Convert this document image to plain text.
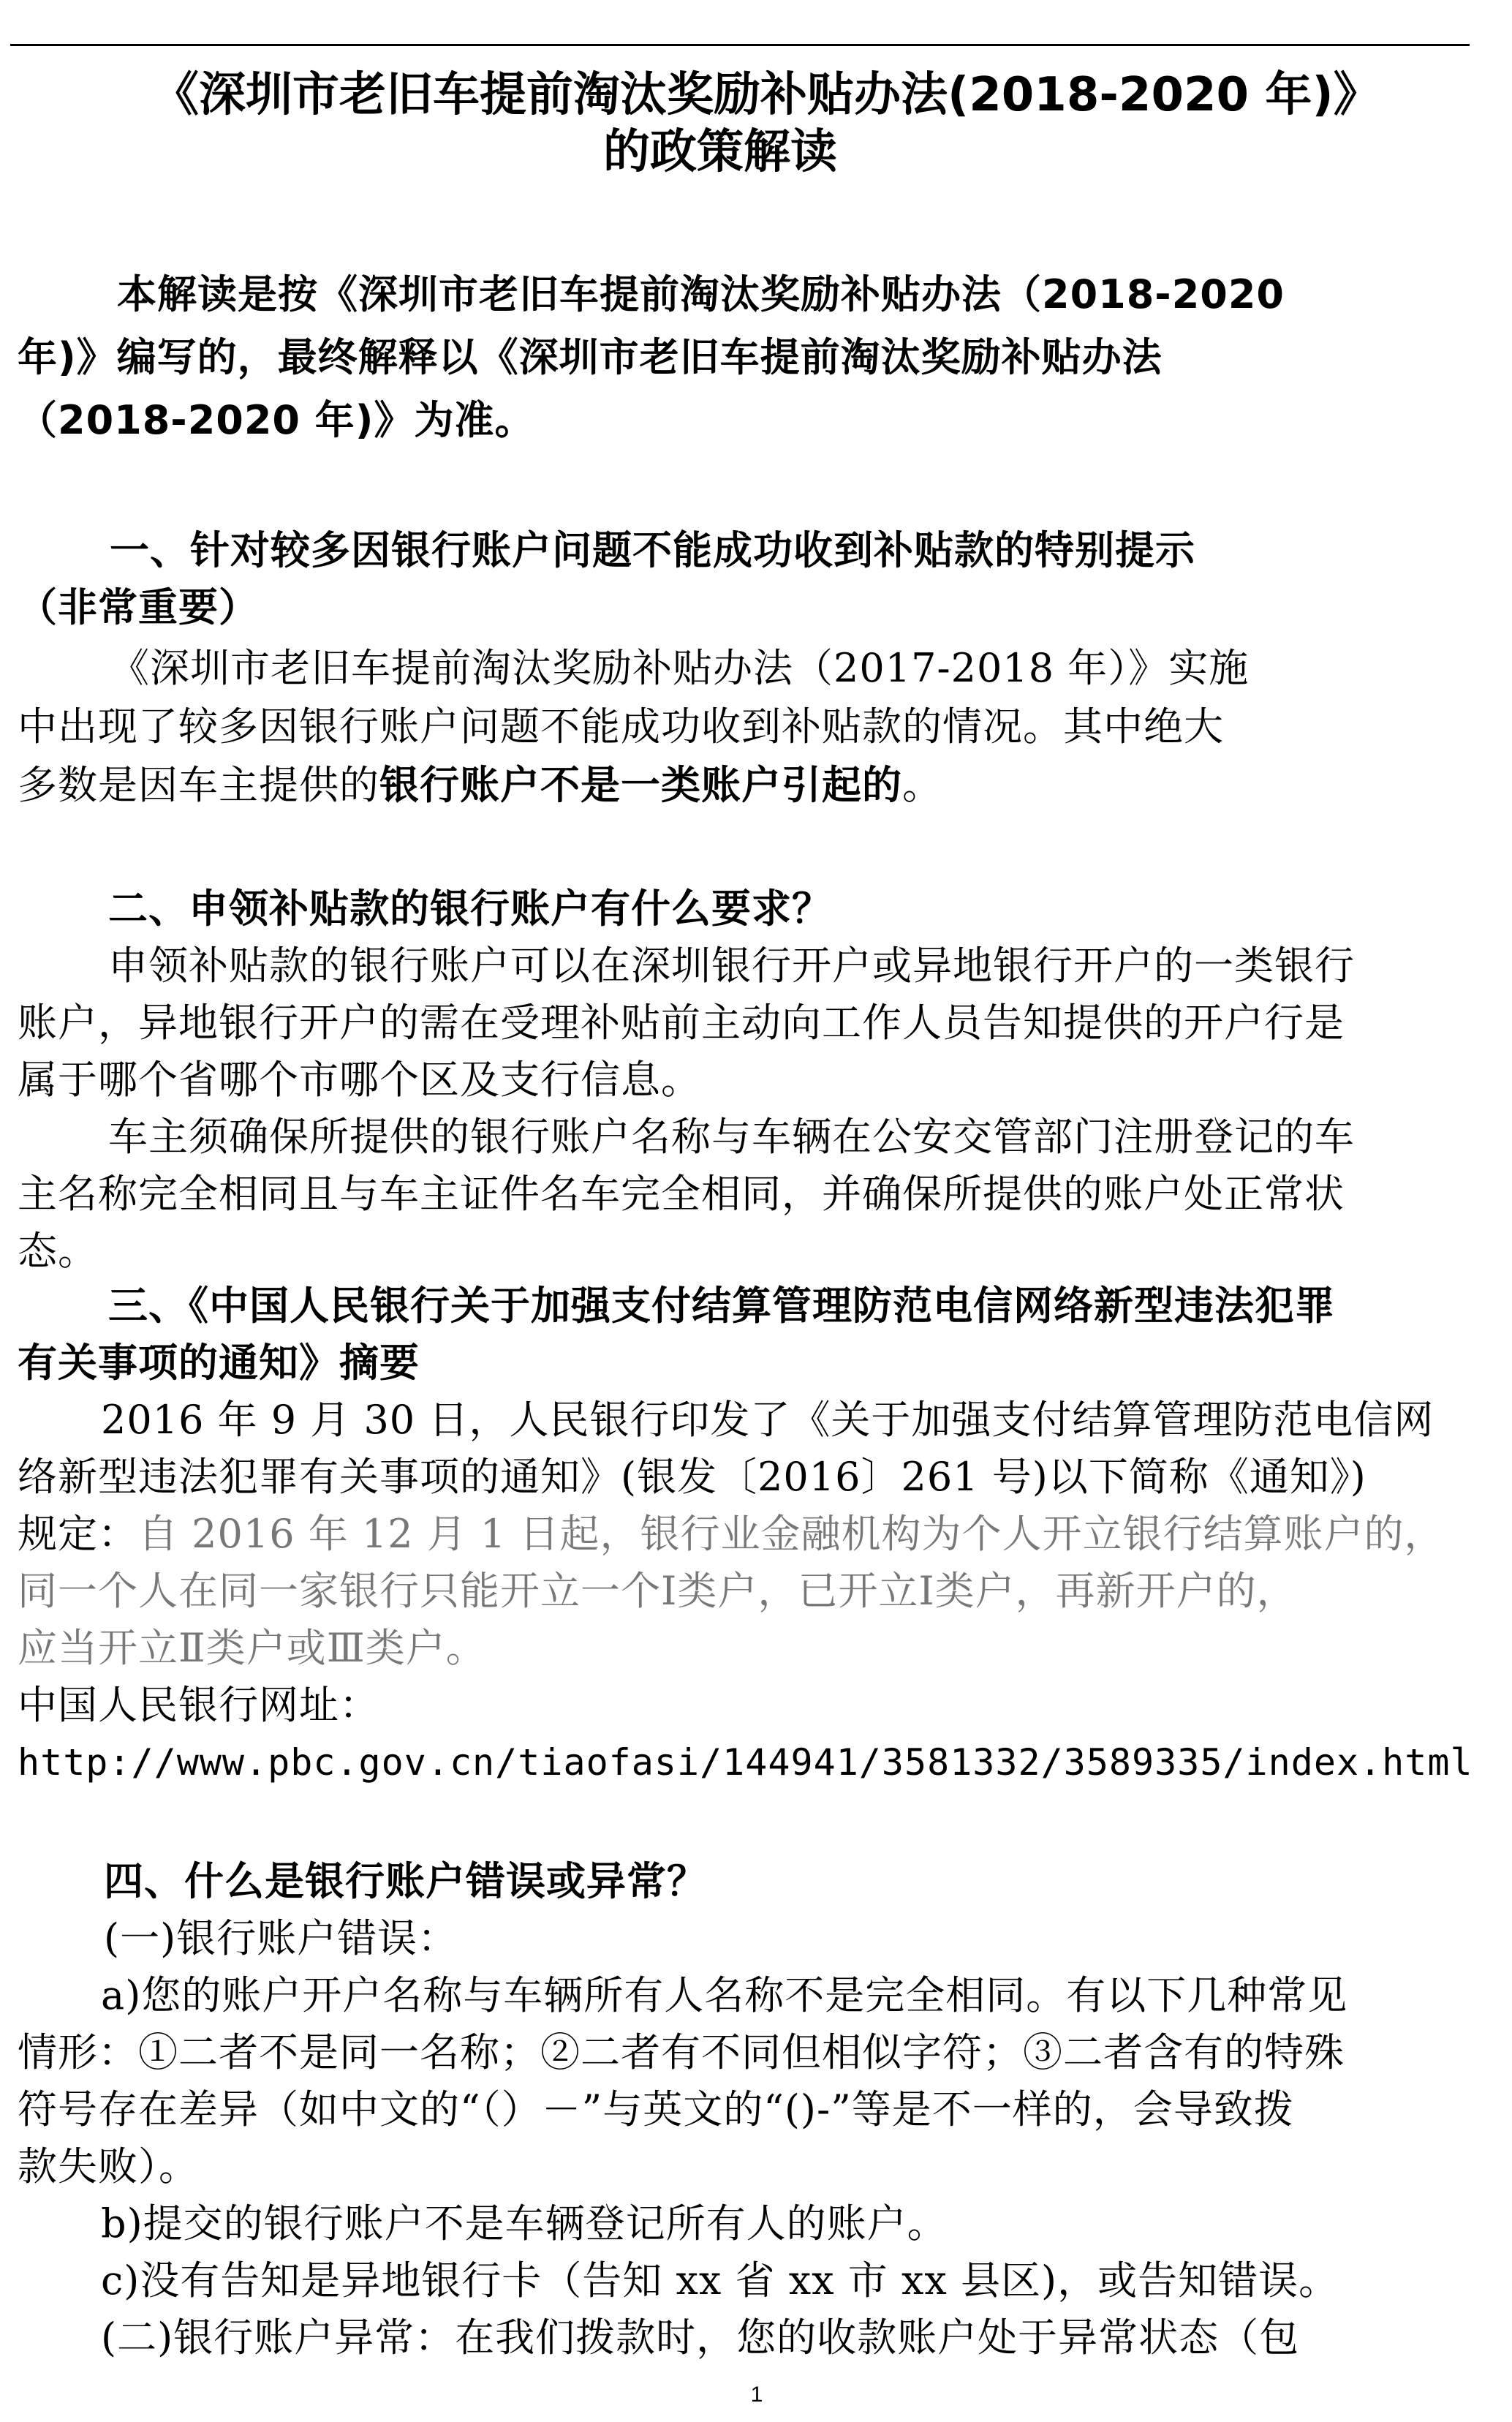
《深圳市老旧车提前淘汰奖励补贴办法(2018-2020 年)》
的政策解读
本解读是按《深圳市老旧车提前淘汰奖励补贴办法（2018-2020
年)》编写的，最终解释以《深圳市老旧车提前淘汰奖励补贴办法
（2018-2020 年)》为准。
一、针对较多因银行账户问题不能成功收到补贴款的特别提示
（非常重要）
《深圳市老旧车提前淘汰奖励补贴办法（2017-2018 年）》实施
中出现了较多因银行账户问题不能成功收到补贴款的情况。其中绝大
多数是因车主提供的银行账户不是一类账户引起的。
二、申领补贴款的银行账户有什么要求？
申领补贴款的银行账户可以在深圳银行开户或异地银行开户的一类银行
账户，异地银行开户的需在受理补贴前主动向工作人员告知提供的开户行是
属于哪个省哪个市哪个区及支行信息。
车主须确保所提供的银行账户名称与车辆在公安交管部门注册登记的车
主名称完全相同且与车主证件名车完全相同，并确保所提供的账户处正常状
态。
三、《中国人民银行关于加强支付结算管理防范电信网络新型违法犯罪
有关事项的通知》摘要
2016 年 9 月 30 日，人民银行印发了《关于加强支付结算管理防范电信网
络新型违法犯罪有关事项的通知》(银发〔2016〕261 号)以下简称《通知》)
规定：自 2016 年 12 月 1 日起，银行业金融机构为个人开立银行结算账户的，
同一个人在同一家银行只能开立一个Ⅰ类户，已开立Ⅰ类户，再新开户的，
应当开立Ⅱ类户或Ⅲ类户。
中国人民银行网址：
http://www.pbc.gov.cn/tiaofasi/144941/3581332/3589335/index.html
四、什么是银行账户错误或异常？
(一)银行账户错误：
a)您的账户开户名称与车辆所有人名称不是完全相同。有以下几种常见
情形：①二者不是同一名称；②二者有不同但相似字符；③二者含有的特殊
符号存在差异（如中文的“（）－”与英文的“()-”等是不一样的，会导致拨
款失败）。
b)提交的银行账户不是车辆登记所有人的账户。
c)没有告知是异地银行卡（告知 xx 省 xx 市 xx 县区)，或告知错误。
(二)银行账户异常：在我们拨款时，您的收款账户处于异常状态（包
1
